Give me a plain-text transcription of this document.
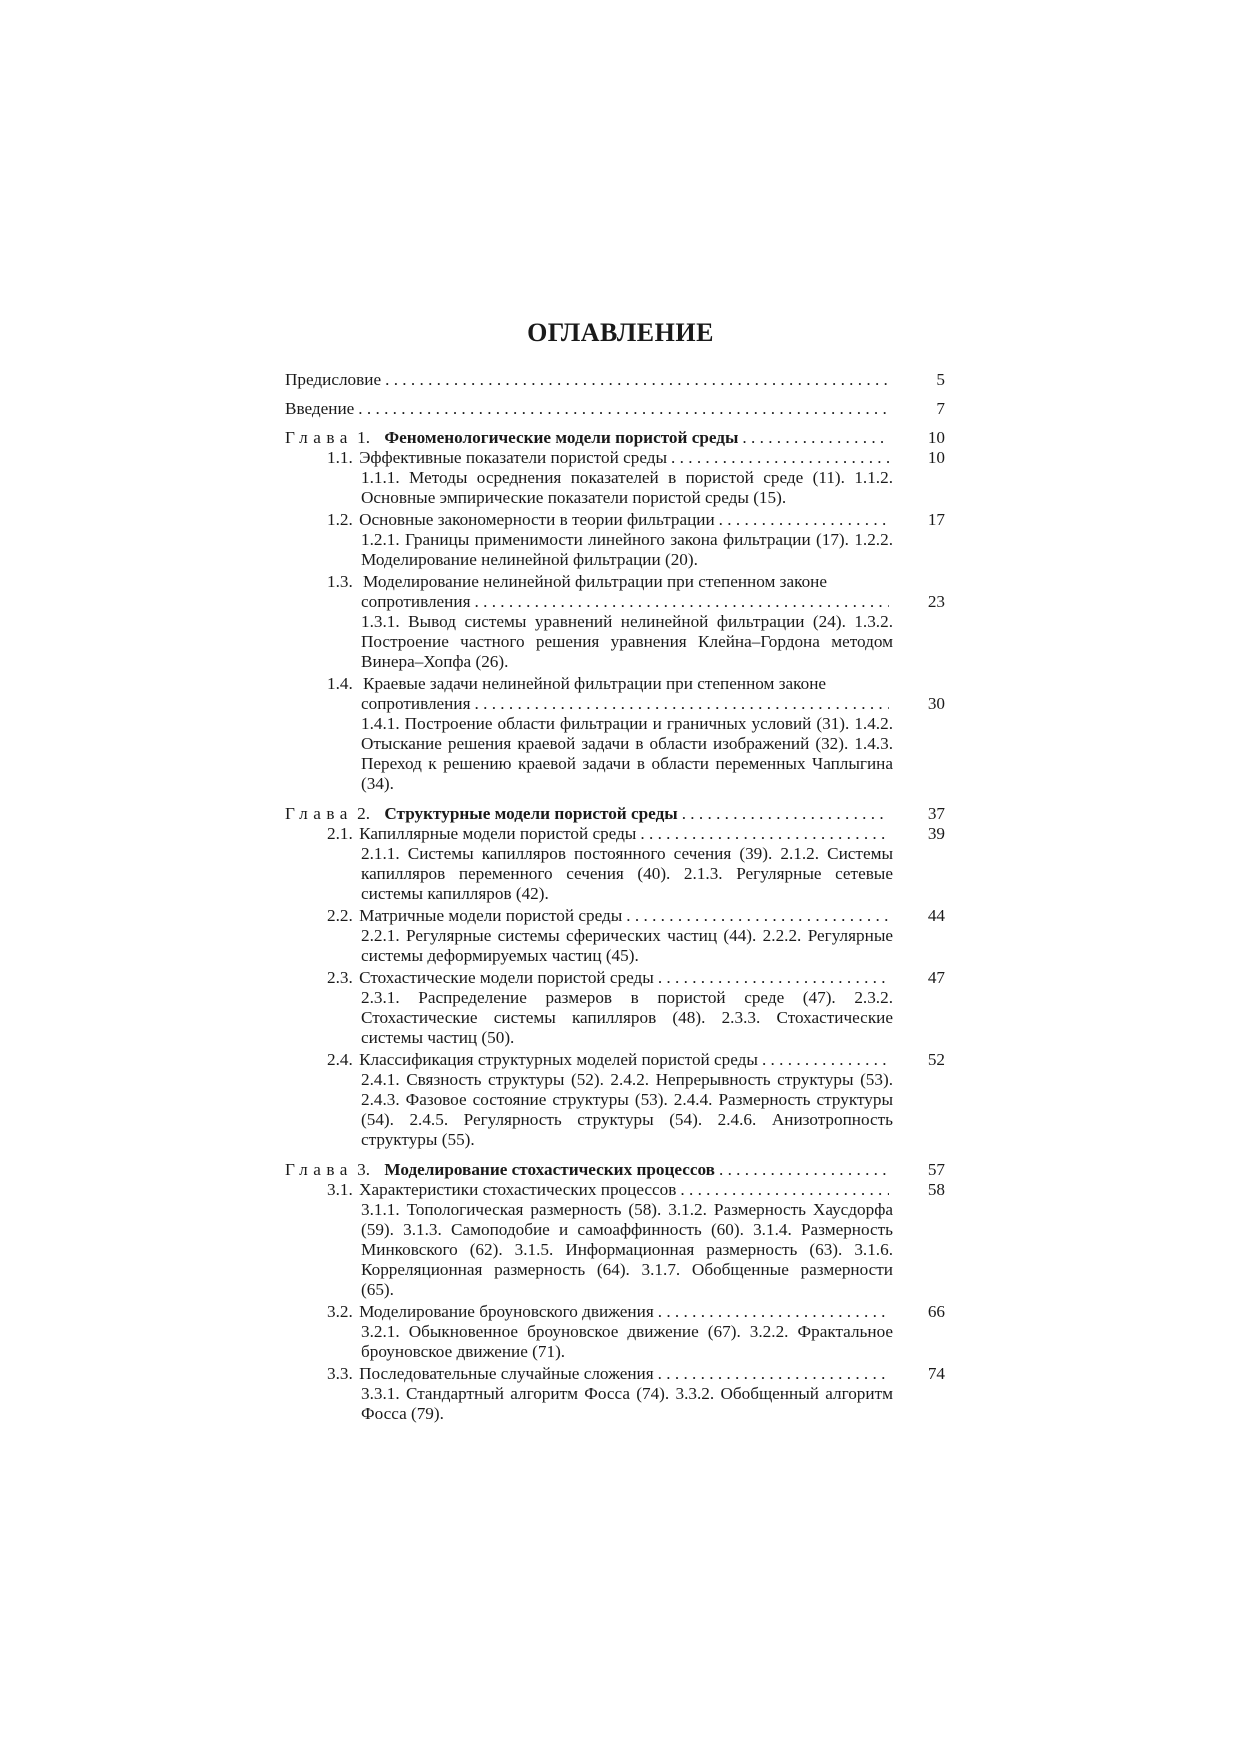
ОГЛАВЛЕНИЕ
Предисловие . . .	5
Введение . . .	7
Глава 1. Феноменологические модели пористой среды . . .	10
1.1. Эффективные показатели пористой среды . . .	10
1.1.1. Методы осреднения показателей в пористой среде (11). 1.1.2. Основные эмпирические показатели пористой среды (15).
1.2. Основные закономерности в теории фильтрации . . .	17
1.2.1. Границы применимости линейного закона фильтрации (17). 1.2.2. Моделирование нелинейной фильтрации (20).
1.3. Моделирование нелинейной фильтрации при степенном законе
сопротивления . . .	23
1.3.1. Вывод системы уравнений нелинейной фильтрации (24). 1.3.2. Построение частного решения уравнения Клейна–Гордона методом Винера–Хопфа (26).
1.4. Краевые задачи нелинейной фильтрации при степенном законе
сопротивления . . .	30
1.4.1. Построение области фильтрации и граничных условий (31). 1.4.2. Отыскание решения краевой задачи в области изображений (32). 1.4.3. Переход к решению краевой задачи в области переменных Чаплыгина (34).
Глава 2. Структурные модели пористой среды . . .	37
2.1. Капиллярные модели пористой среды . . .	39
2.1.1. Системы капилляров постоянного сечения (39). 2.1.2. Системы капилляров переменного сечения (40). 2.1.3. Регулярные сетевые системы капилляров (42).
2.2. Матричные модели пористой среды . . .	44
2.2.1. Регулярные системы сферических частиц (44). 2.2.2. Регулярные системы деформируемых частиц (45).
2.3. Стохастические модели пористой среды . . .	47
2.3.1. Распределение размеров в пористой среде (47). 2.3.2. Стохастические системы капилляров (48). 2.3.3. Стохастические системы частиц (50).
2.4. Классификация структурных моделей пористой среды . . .	52
2.4.1. Связность структуры (52). 2.4.2. Непрерывность структуры (53). 2.4.3. Фазовое состояние структуры (53). 2.4.4. Размерность структуры (54). 2.4.5. Регулярность структуры (54). 2.4.6. Анизотропность структуры (55).
Глава 3. Моделирование стохастических процессов . . .	57
3.1. Характеристики стохастических процессов . . .	58
3.1.1. Топологическая размерность (58). 3.1.2. Размерность Хаусдорфа (59). 3.1.3. Самоподобие и самоаффинность (60). 3.1.4. Размерность Минковского (62). 3.1.5. Информационная размерность (63). 3.1.6. Корреляционная размерность (64). 3.1.7. Обобщенные размерности (65).
3.2. Моделирование броуновского движения . . .	66
3.2.1. Обыкновенное броуновское движение (67). 3.2.2. Фрактальное броуновское движение (71).
3.3. Последовательные случайные сложения . . .	74
3.3.1. Стандартный алгоритм Фосса (74). 3.3.2. Обобщенный алгоритм Фосса (79).
